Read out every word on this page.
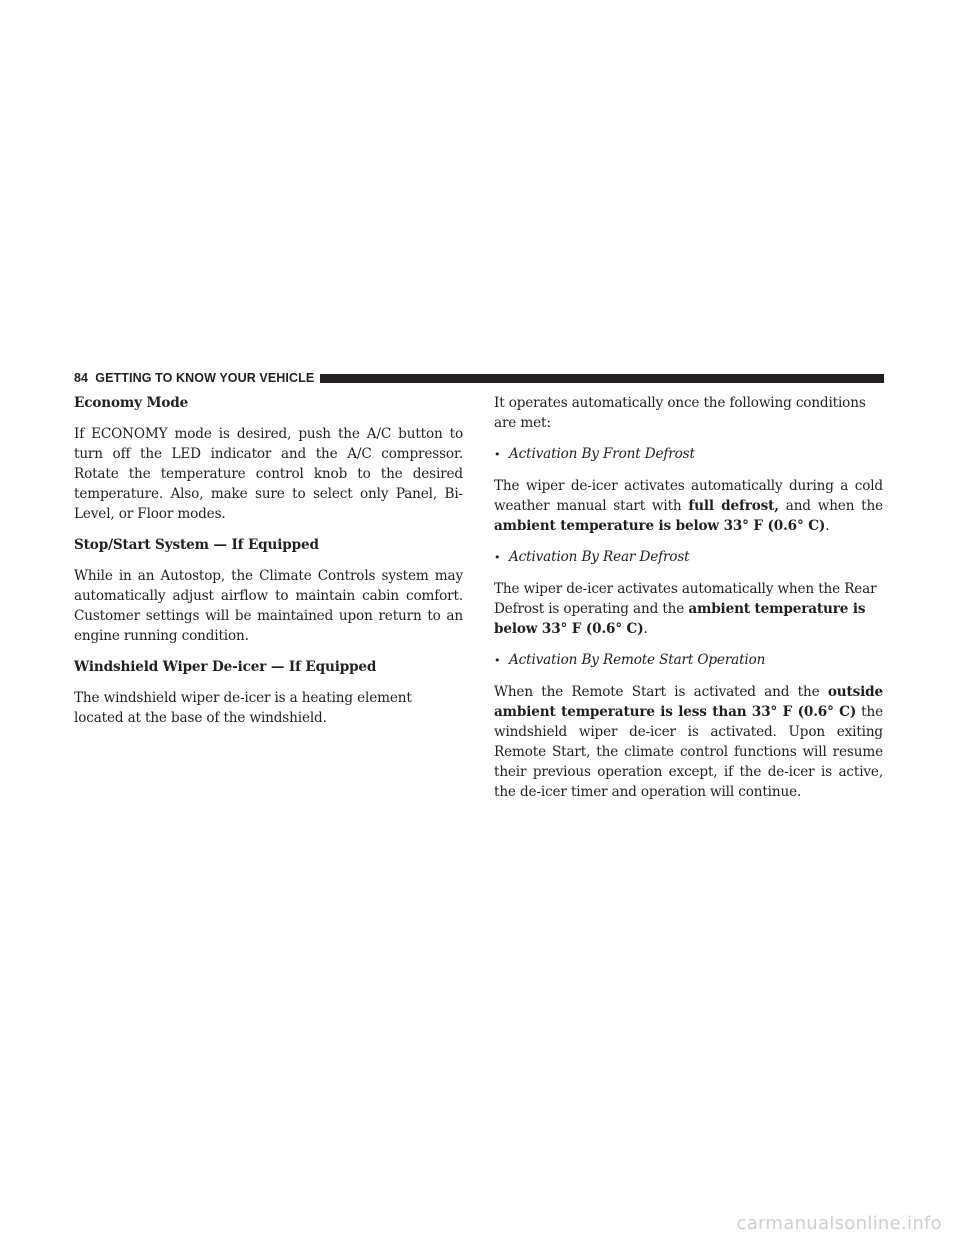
84 GETTING TO KNOW YOUR VEHICLE

Economy Mode

If ECONOMY mode is desired, push the A/C button to turn off the LED indicator and the A/C compressor. Rotate the temperature control knob to the desired temperature. Also, make sure to select only Panel, Bi-Level, or Floor modes.

Stop/Start System — If Equipped

While in an Autostop, the Climate Controls system may automatically adjust airflow to maintain cabin comfort. Customer settings will be maintained upon return to an engine running condition.

Windshield Wiper De-icer — If Equipped

The windshield wiper de-icer is a heating element located at the base of the windshield.

It operates automatically once the following conditions are met:

• Activation By Front Defrost

The wiper de-icer activates automatically during a cold weather manual start with full defrost, and when the ambient temperature is below 33° F (0.6° C).

• Activation By Rear Defrost

The wiper de-icer activates automatically when the Rear Defrost is operating and the ambient temperature is below 33° F (0.6° C).

• Activation By Remote Start Operation

When the Remote Start is activated and the outside ambient temperature is less than 33° F (0.6° C) the windshield wiper de-icer is activated. Upon exiting Remote Start, the climate control functions will resume their previous operation except, if the de-icer is active, the de-icer timer and operation will continue.

carmanualsonline.info
